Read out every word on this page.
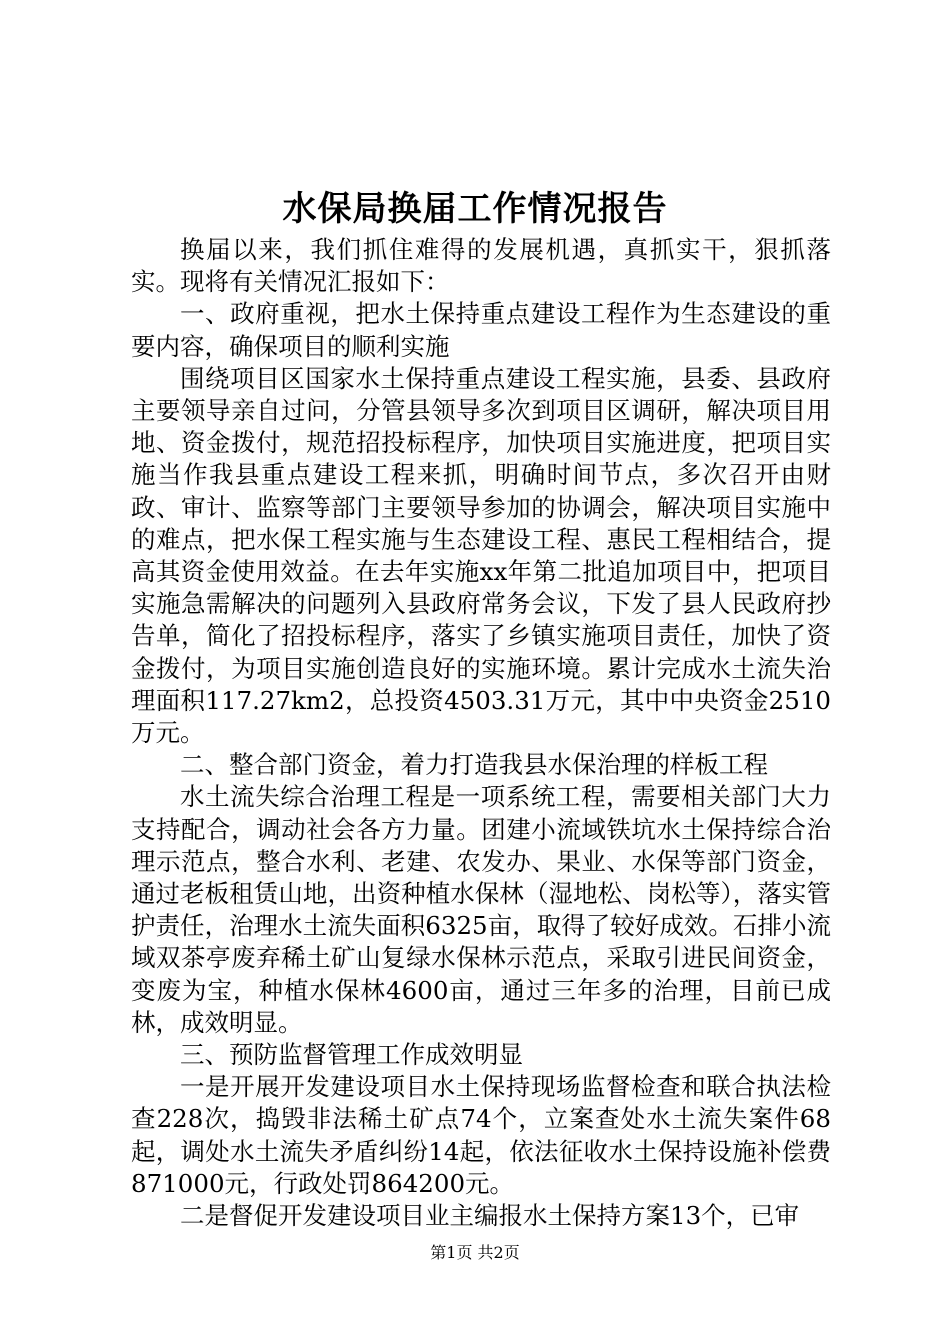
水保局换届工作情况报告

换届以来，我们抓住难得的发展机遇，真抓实干，狠抓落实。现将有关情况汇报如下：

一、政府重视，把水土保持重点建设工程作为生态建设的重要内容，确保项目的顺利实施

围绕项目区国家水土保持重点建设工程实施，县委、县政府主要领导亲自过问，分管县领导多次到项目区调研，解决项目用地、资金拨付，规范招投标程序，加快项目实施进度，把项目实施当作我县重点建设工程来抓，明确时间节点，多次召开由财政、审计、监察等部门主要领导参加的协调会，解决项目实施中的难点，把水保工程实施与生态建设工程、惠民工程相结合，提高其资金使用效益。在去年实施xx年第二批追加项目中，把项目实施急需解决的问题列入县政府常务会议，下发了县人民政府抄告单，简化了招投标程序，落实了乡镇实施项目责任，加快了资金拨付，为项目实施创造良好的实施环境。累计完成水土流失治理面积117.27km2，总投资4503.31万元，其中中央资金2510万元。

二、整合部门资金，着力打造我县水保治理的样板工程

水土流失综合治理工程是一项系统工程，需要相关部门大力支持配合，调动社会各方力量。团建小流域铁坑水土保持综合治理示范点，整合水利、老建、农发办、果业、水保等部门资金，通过老板租赁山地，出资种植水保林（湿地松、岗松等），落实管护责任，治理水土流失面积6325亩，取得了较好成效。石排小流域双茶亭废弃稀土矿山复绿水保林示范点，采取引进民间资金，变废为宝，种植水保林4600亩，通过三年多的治理，目前已成林，成效明显。

三、预防监督管理工作成效明显

一是开展开发建设项目水土保持现场监督检查和联合执法检查228次，捣毁非法稀土矿点74个，立案查处水土流失案件68起，调处水土流失矛盾纠纷14起，依法征收水土保持设施补偿费871000元，行政处罚864200元。

二是督促开发建设项目业主编报水土保持方案13个，已审

第1页 共2页
